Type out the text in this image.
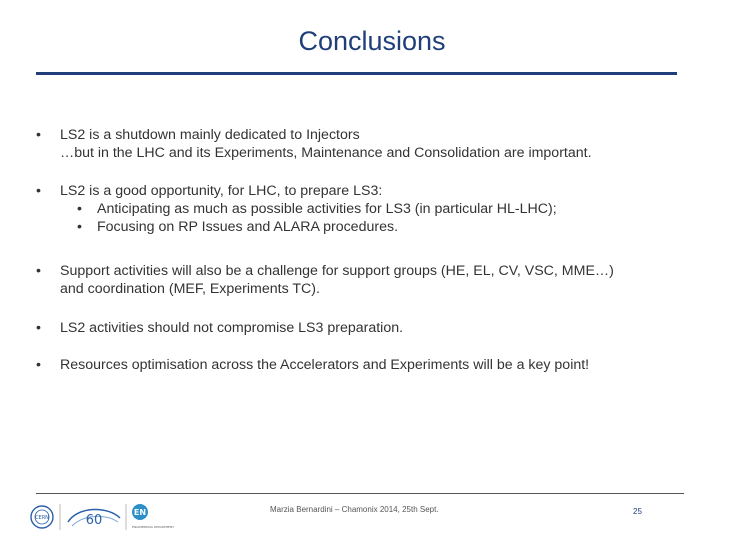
Conclusions
• LS2 is a shutdown mainly dedicated to Injectors
…but in the LHC and its Experiments, Maintenance and Consolidation are important.
• LS2 is a good opportunity, for LHC, to prepare LS3:
• Anticipating as much as possible activities for LS3 (in particular HL-LHC);
• Focusing on RP Issues and ALARA procedures.
• Support activities will also be a challenge for support groups (HE, EL, CV, VSC, MME…)
and coordination (MEF, Experiments TC).
• LS2 activities should not compromise LS3 preparation.
• Resources optimisation across the Accelerators and Experiments will be a key point!
CERN	60
EN
ENGINEERING DEPARTMENT
Marzia Bernardini – Chamonix 2014, 25th Sept.	25
